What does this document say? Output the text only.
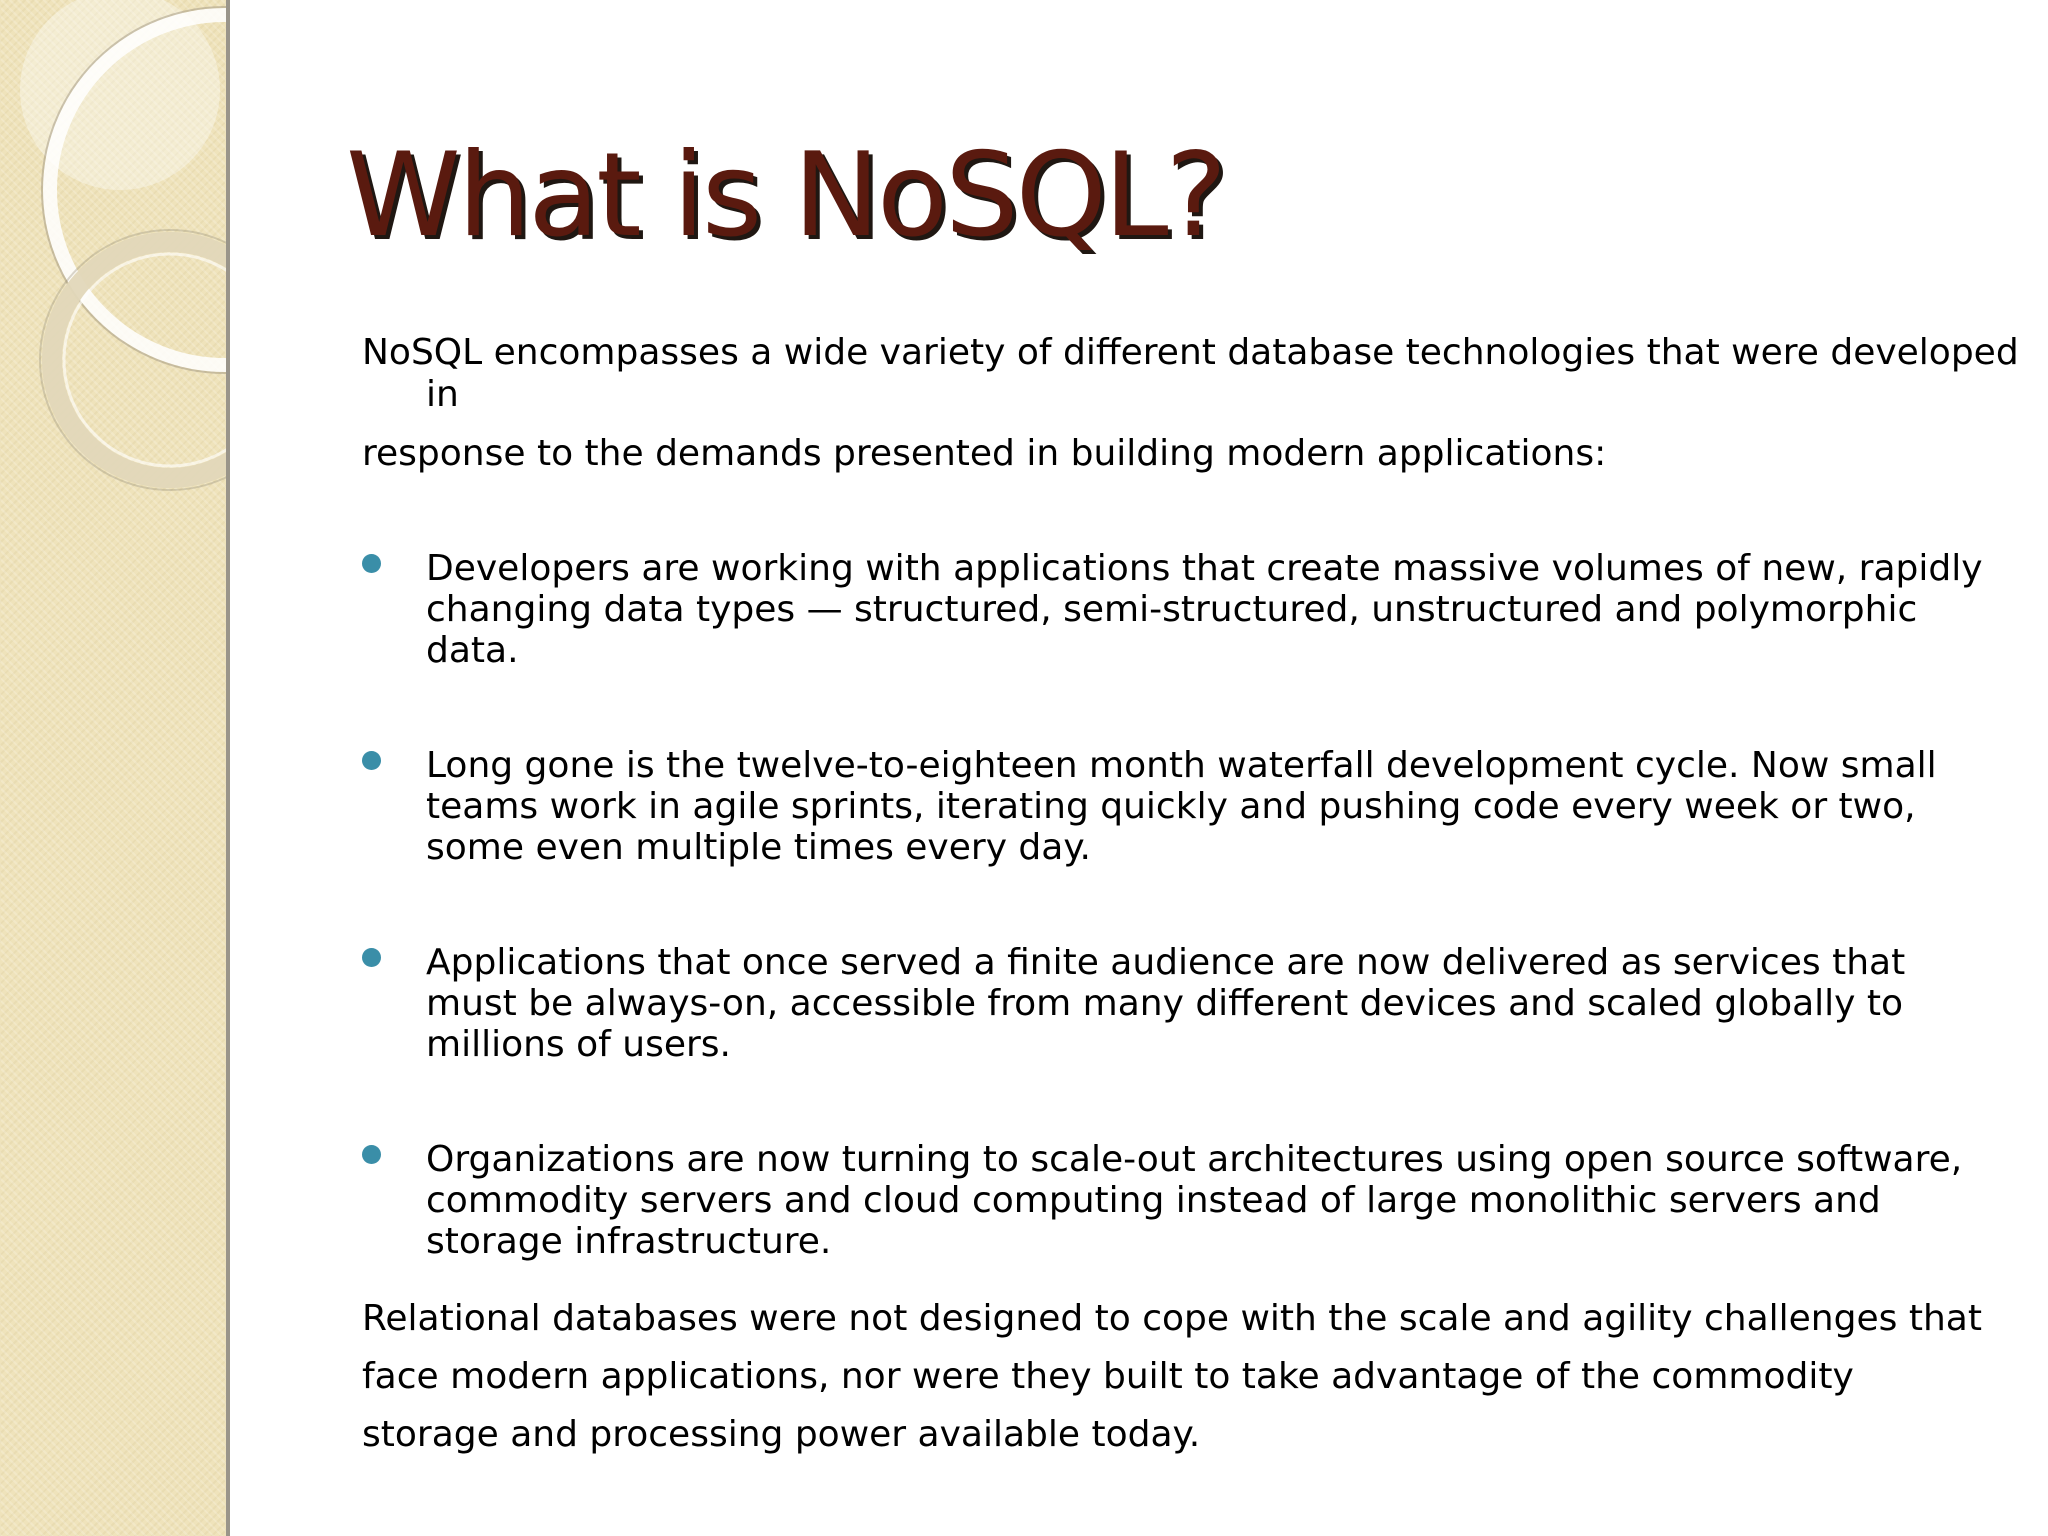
What is NoSQL?
NoSQL encompasses a wide variety of different database technologies that were developed in
response to the demands presented in building modern applications:
Developers are working with applications that create massive volumes of new, rapidly changing data types — structured, semi-structured, unstructured and polymorphic data.
Long gone is the twelve-to-eighteen month waterfall development cycle. Now small teams work in agile sprints, iterating quickly and pushing code every week or two, some even multiple times every day.
Applications that once served a finite audience are now delivered as services that must be always-on, accessible from many different devices and scaled globally to millions of users.
Organizations are now turning to scale-out architectures using open source software, commodity servers and cloud computing instead of large monolithic servers and storage infrastructure.
Relational databases were not designed to cope with the scale and agility challenges that face modern applications, nor were they built to take advantage of the commodity storage and processing power available today.
